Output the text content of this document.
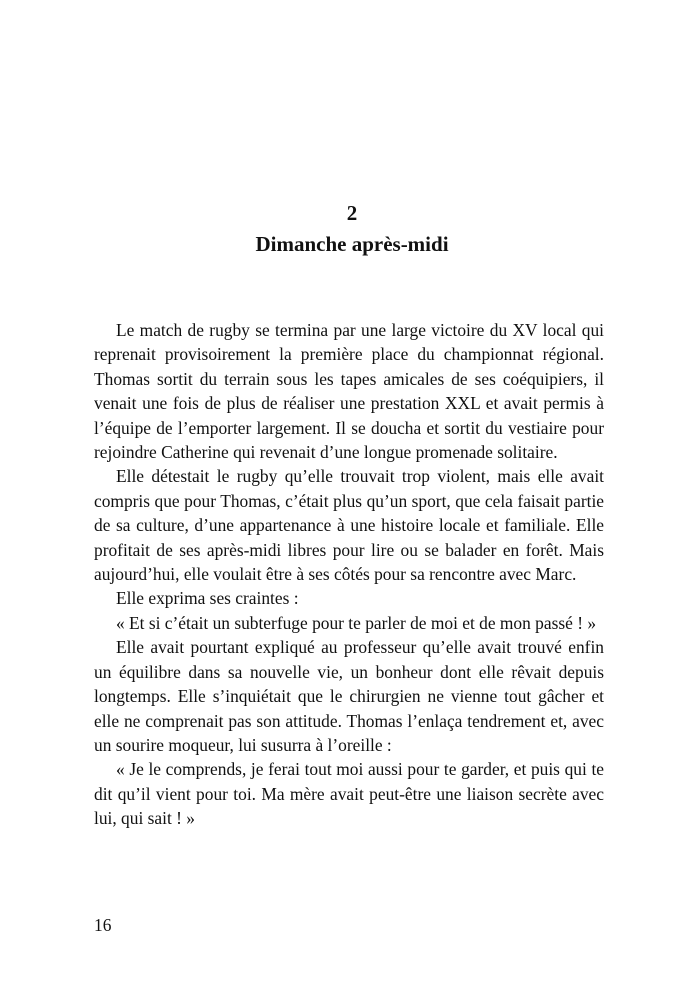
2
Dimanche après-midi

Le match de rugby se termina par une large victoire du XV local qui reprenait provisoirement la première place du championnat régional. Thomas sortit du terrain sous les tapes amicales de ses coéquipiers, il venait une fois de plus de réaliser une prestation XXL et avait permis à l’équipe de l’emporter largement. Il se doucha et sortit du vestiaire pour rejoindre Catherine qui revenait d’une longue promenade solitaire.

Elle détestait le rugby qu’elle trouvait trop violent, mais elle avait compris que pour Thomas, c’était plus qu’un sport, que cela faisait partie de sa culture, d’une appartenance à une histoire locale et familiale. Elle profitait de ses après-midi libres pour lire ou se balader en forêt. Mais aujourd’hui, elle voulait être à ses côtés pour sa rencontre avec Marc.

Elle exprima ses craintes :

« Et si c’était un subterfuge pour te parler de moi et de mon passé ! »

Elle avait pourtant expliqué au professeur qu’elle avait trouvé enfin un équilibre dans sa nouvelle vie, un bonheur dont elle rêvait depuis longtemps. Elle s’inquiétait que le chirurgien ne vienne tout gâcher et elle ne comprenait pas son attitude. Thomas l’enlaça tendrement et, avec un sourire moqueur, lui susurra à l’oreille :

« Je le comprends, je ferai tout moi aussi pour te garder, et puis qui te dit qu’il vient pour toi. Ma mère avait peut-être une liaison secrète avec lui, qui sait ! »

16
